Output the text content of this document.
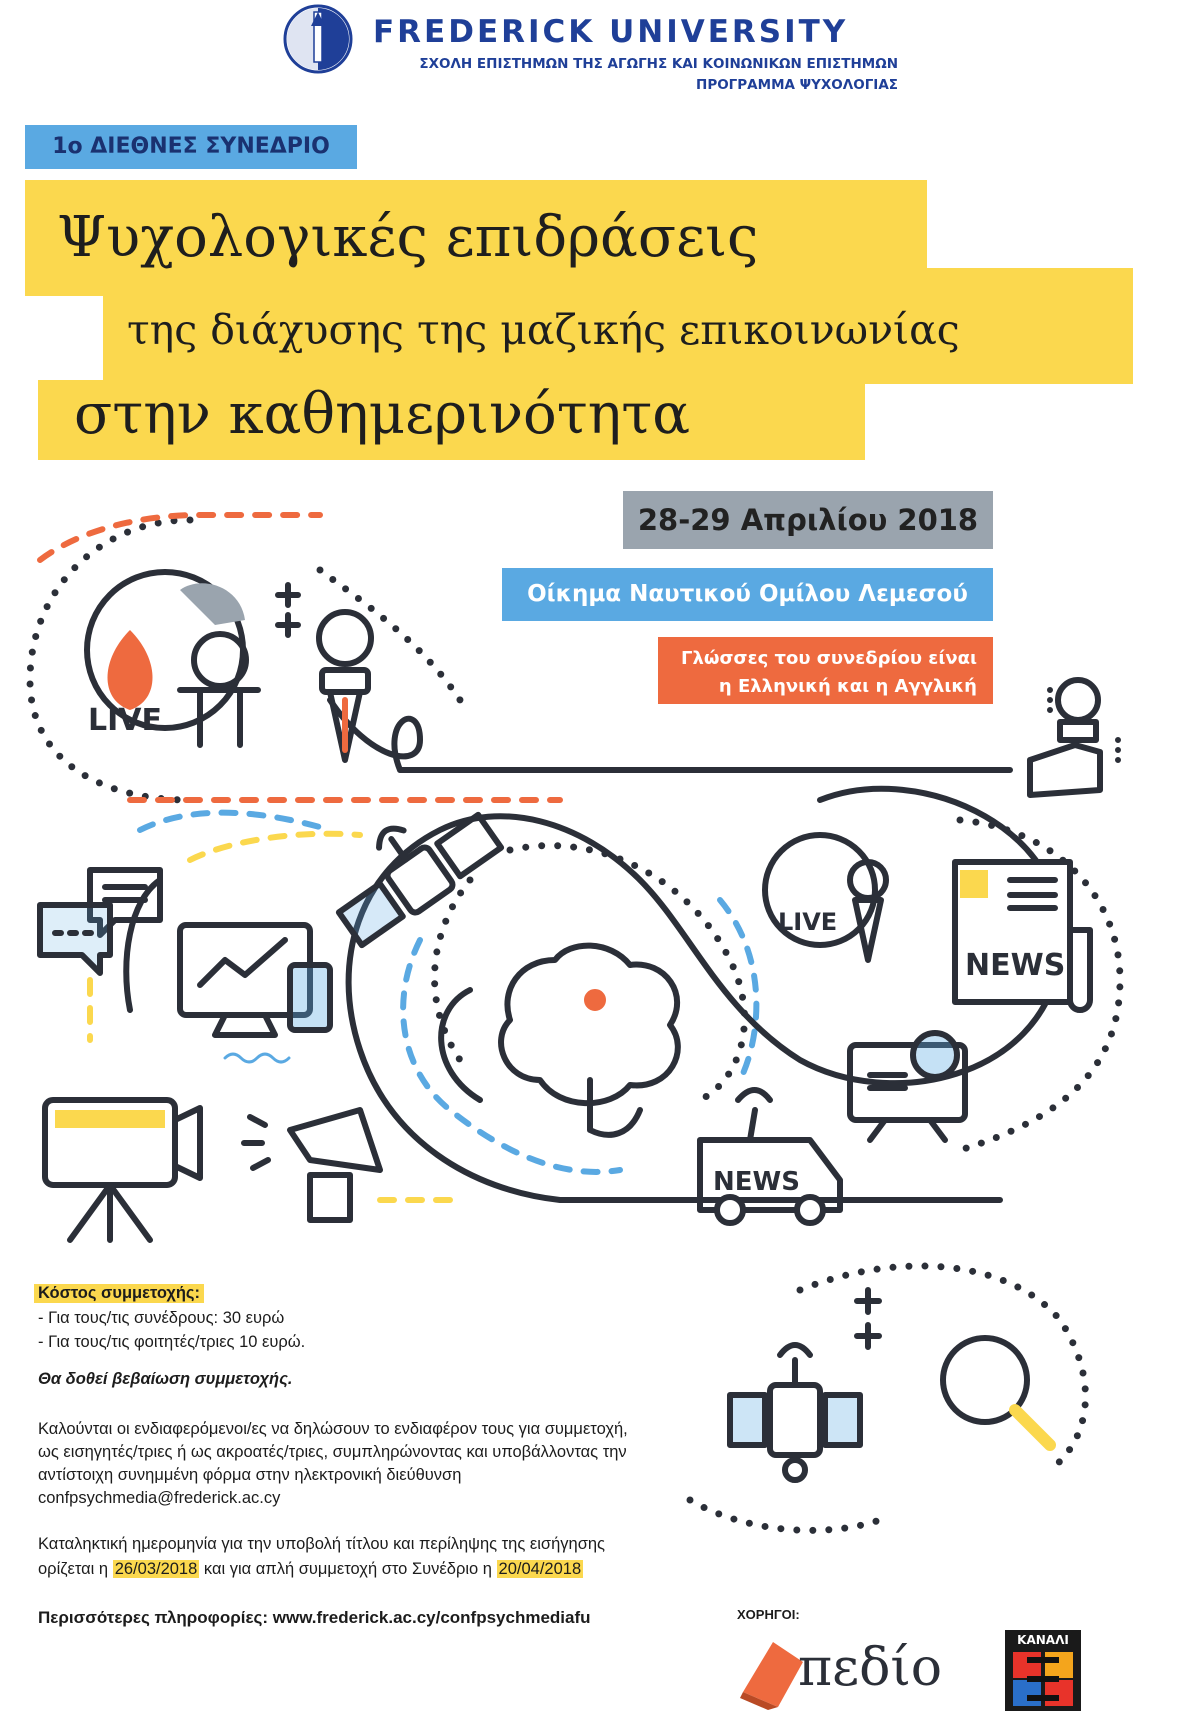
FREDERICK UNIVERSITY
ΣΧΟΛΗ ΕΠΙΣΤΗΜΩΝ ΤΗΣ ΑΓΩΓΗΣ ΚΑΙ ΚΟΙΝΩΝΙΚΩΝ ΕΠΙΣΤΗΜΩΝ
ΠΡΟΓΡΑΜΜΑ ΨΥΧΟΛΟΓΙΑΣ
1ο ΔΙΕΘΝΕΣ ΣΥΝΕΔΡΙΟ
της διάχυσης της μαζικής επικοινωνίας
Ψυχολογικές επιδράσεις
στην καθημερινότητα
LIVE
LIVE
NEWS
NEWS
28-29 Απριλίου 2018
Οίκημα Ναυτικού Ομίλου Λεμεσού
Γλώσσες του συνεδρίου είναι
η Ελληνική και η Αγγλική
Κόστος συμμετοχής:
- Για τους/τις συνέδρους: 30 ευρώ
- Για τους/τις φοιτητές/τριες 10 ευρώ.
Θα δοθεί βεβαίωση συμμετοχής.
Καλούνται οι ενδιαφερόμενοι/ες να δηλώσουν το ενδιαφέρον τους για συμμετοχή,
ως εισηγητές/τριες ή ως ακροατές/τριες, συμπληρώνοντας και υποβάλλοντας την
αντίστοιχη συνημμένη φόρμα στην ηλεκτρονική διεύθυνση
confpsychmedia@frederick.ac.cy
Καταληκτική ημερομηνία για την υποβολή τίτλου και περίληψης της εισήγησης
ορίζεται η 26/03/2018 και για απλή συμμετοχή στο Συνέδριο η 20/04/2018
Περισσότερες πληροφορίες: www.frederick.ac.cy/confpsychmediafu	ΧΟΡΗΓΟΙ:
πεδίο	ΚΑΝΑΛΙ
